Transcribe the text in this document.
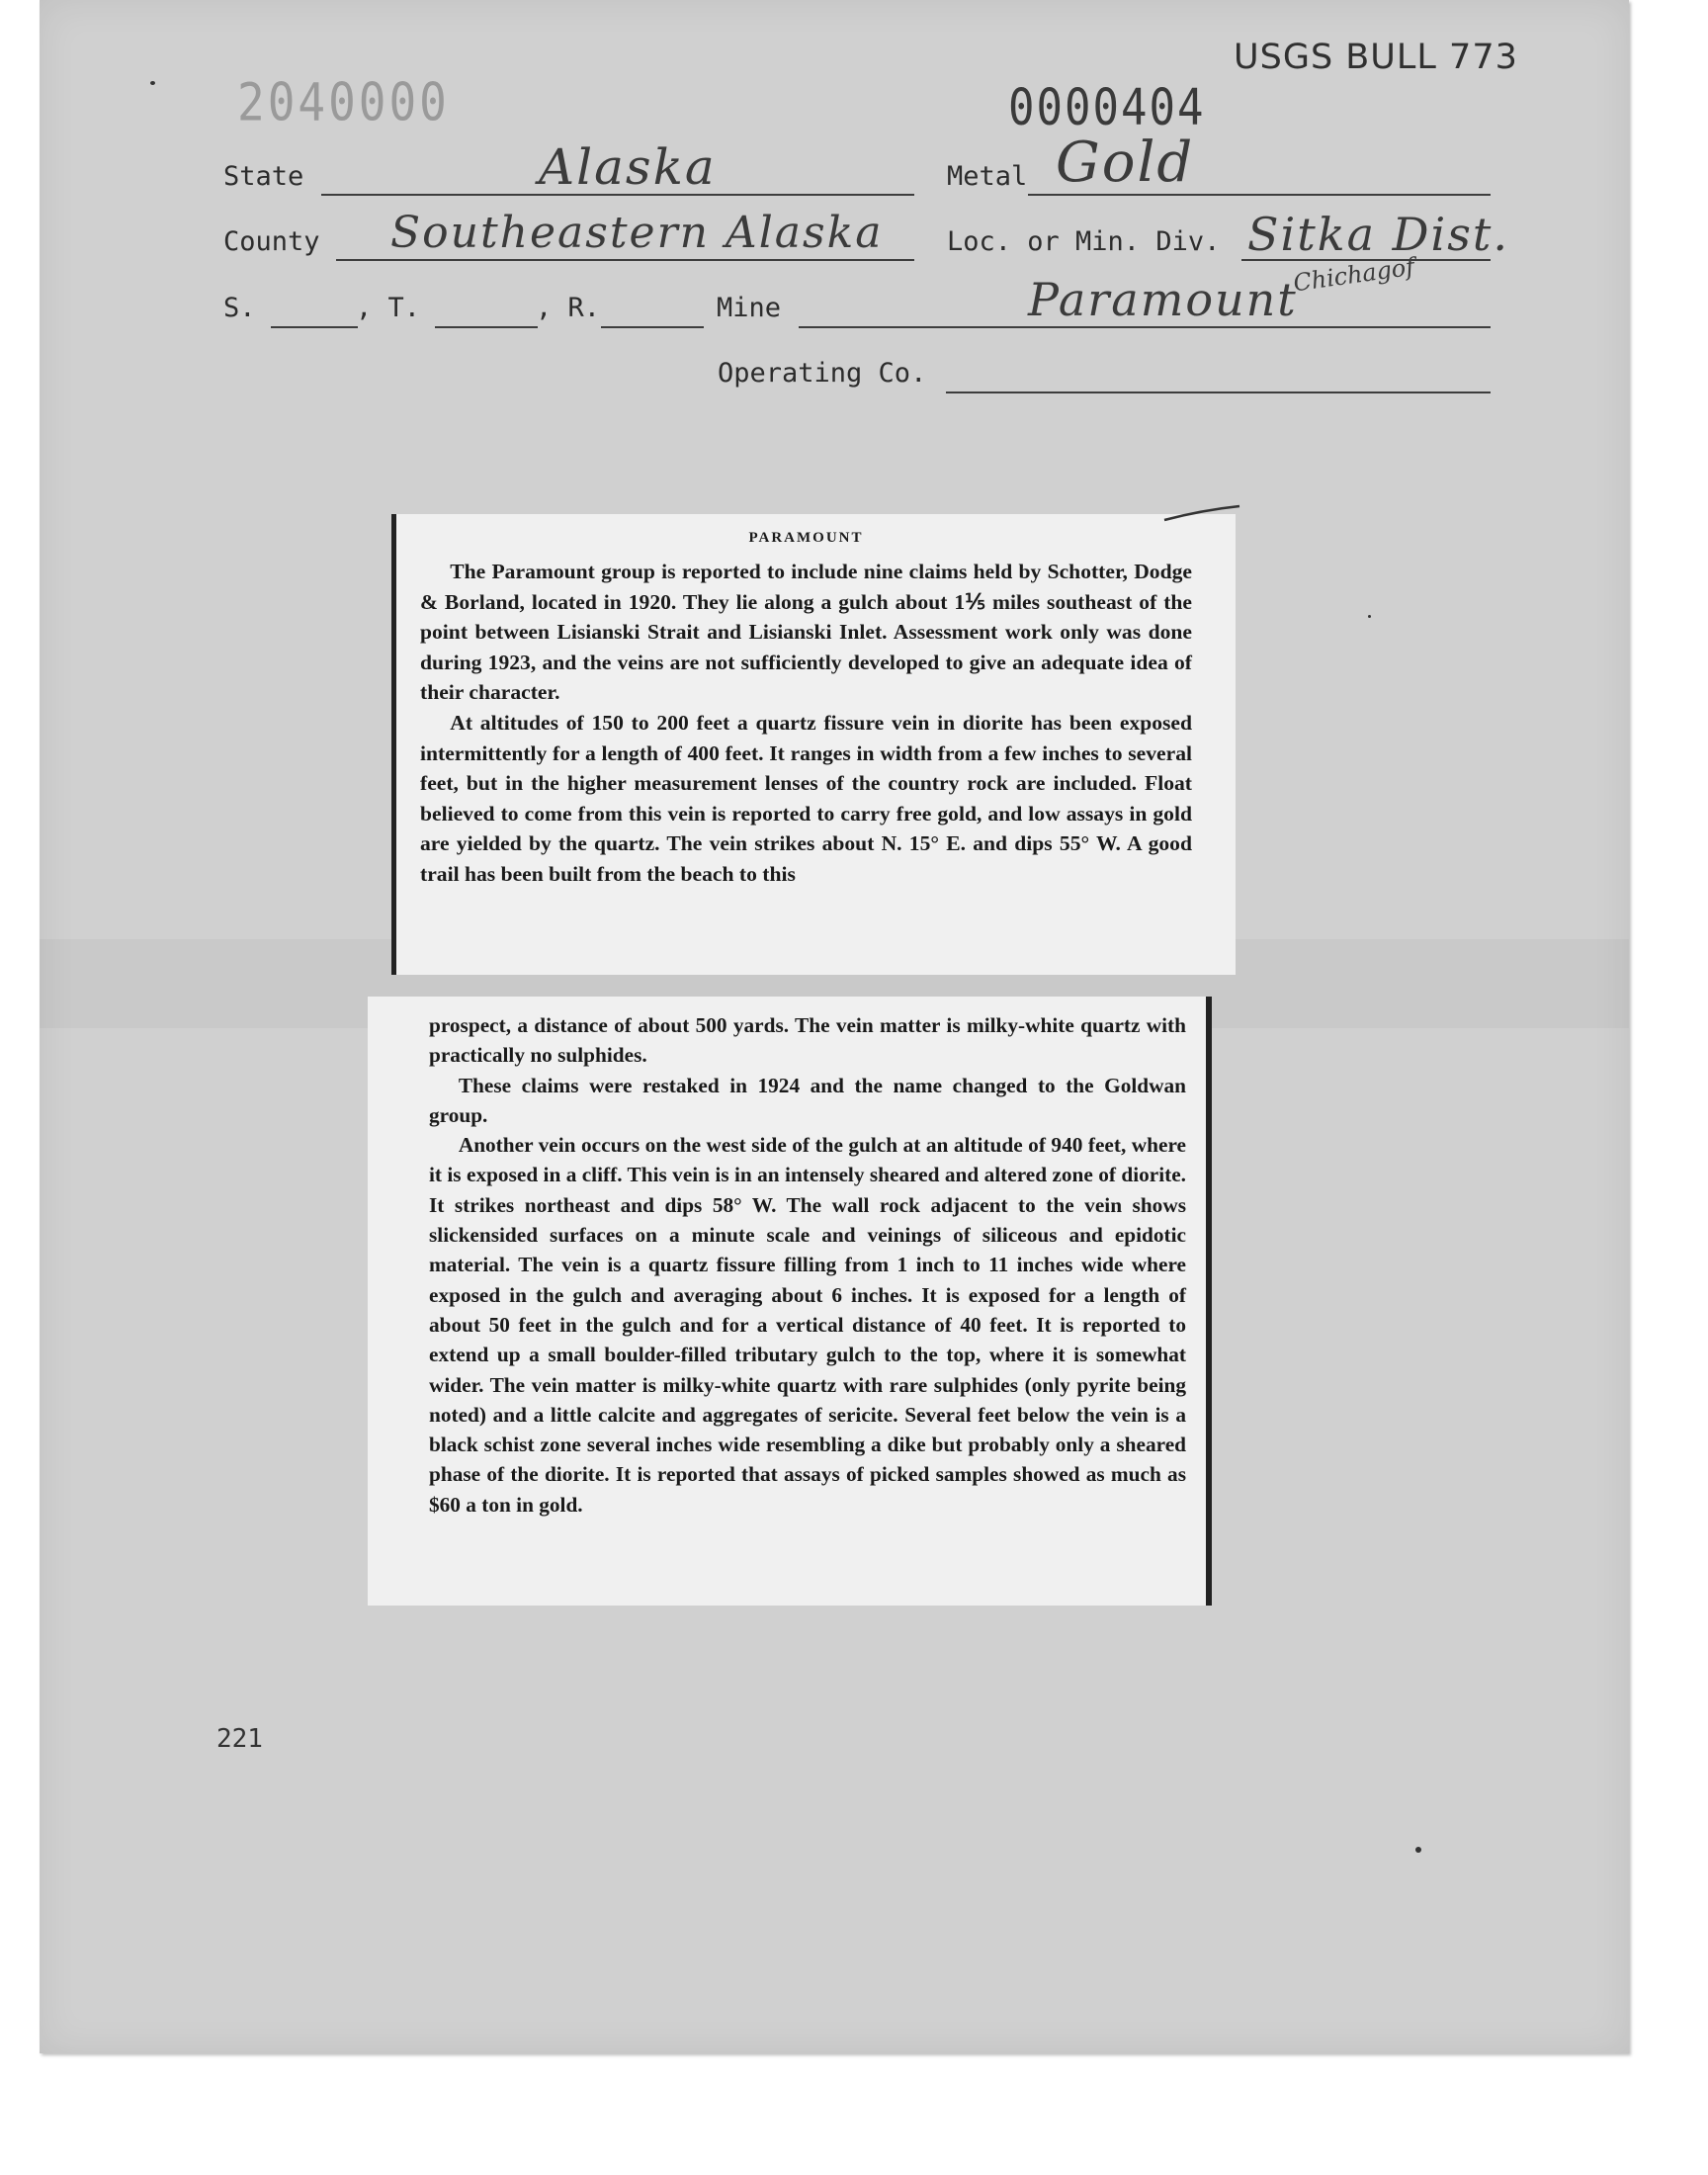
USGS BULL 773
2040000	0000404
State	Alaska	Metal Gold
County Southeastern Alaska Loc. or Min. Div. Sitka Dist.
Chichagof
S.	, T.	, R.	Mine	Paramount
Operating Co.
PARAMOUNT

The Paramount group is reported to include nine claims held by Schotter, Dodge & Borland, located in 1920. They lie along a gulch about 1⅕ miles southeast of the point between Lisianski Strait and Lisianski Inlet. Assessment work only was done during 1923, and the veins are not sufficiently developed to give an adequate idea of their character.

At altitudes of 150 to 200 feet a quartz fissure vein in diorite has been exposed intermittently for a length of 400 feet. It ranges in width from a few inches to several feet, but in the higher measurement lenses of the country rock are included. Float believed to come from this vein is reported to carry free gold, and low assays in gold are yielded by the quartz. The vein strikes about N. 15° E. and dips 55° W. A good trail has been built from the beach to this

prospect, a distance of about 500 yards. The vein matter is milky-white quartz with practically no sulphides.

These claims were restaked in 1924 and the name changed to the Goldwan group.

Another vein occurs on the west side of the gulch at an altitude of 940 feet, where it is exposed in a cliff. This vein is in an intensely sheared and altered zone of diorite. It strikes northeast and dips 58° W. The wall rock adjacent to the vein shows slickensided surfaces on a minute scale and veinings of siliceous and epidotic material. The vein is a quartz fissure filling from 1 inch to 11 inches wide where exposed in the gulch and averaging about 6 inches. It is exposed for a length of about 50 feet in the gulch and for a vertical distance of 40 feet. It is reported to extend up a small boulder-filled tributary gulch to the top, where it is somewhat wider. The vein matter is milky-white quartz with rare sulphides (only pyrite being noted) and a little calcite and aggregates of sericite. Several feet below the vein is a black schist zone several inches wide resembling a dike but probably only a sheared phase of the diorite. It is reported that assays of picked samples showed as much as $60 a ton in gold.

221
